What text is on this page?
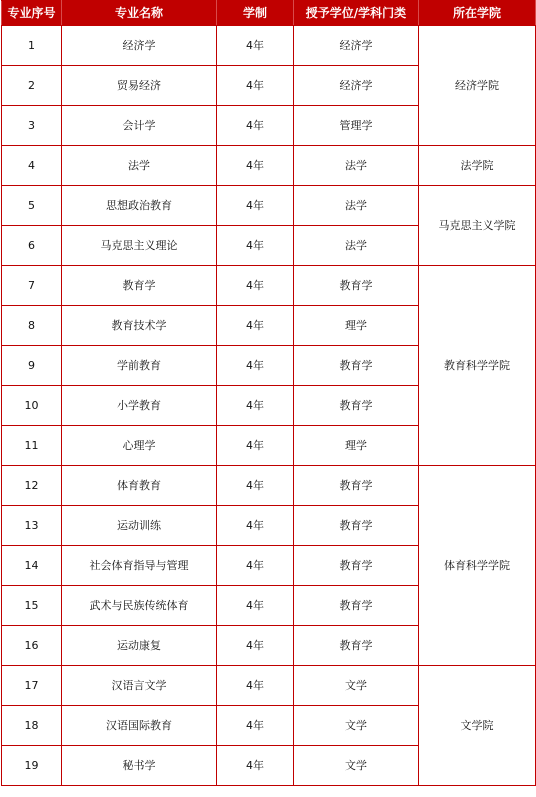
专业序号	专业名称	学制	授予学位/学科门类	所在学院
1	经济学	4年	经济学	经济学院
2	贸易经济	4年	经济学	
3	会计学	4年	管理学	
4	法学	4年	法学	法学院
5	思想政治教育	4年	法学	马克思主义学院
6	马克思主义理论	4年	法学	
7	教育学	4年	教育学	教育科学学院
8	教育技术学	4年	理学	
9	学前教育	4年	教育学	
10	小学教育	4年	教育学	
11	心理学	4年	理学	
12	体育教育	4年	教育学	体育科学学院
13	运动训练	4年	教育学	
14	社会体育指导与管理	4年	教育学	
15	武术与民族传统体育	4年	教育学	
16	运动康复	4年	教育学	
17	汉语言文学	4年	文学	文学院
18	汉语国际教育	4年	文学	
19	秘书学	4年	文学	
